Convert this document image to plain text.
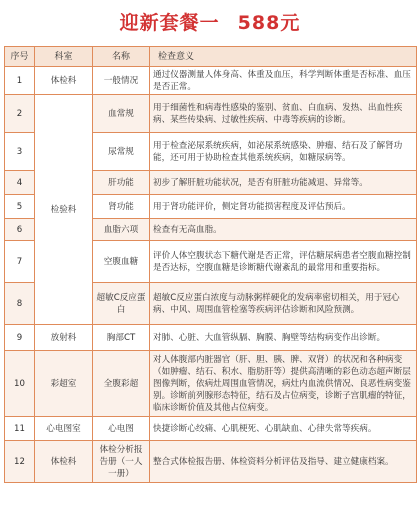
迎新套餐一 588元
序号	科室	名称	检查意义
1	体检科	一般情况	通过仪器测量人体身高、体重及血压，科学判断体重是否标准、血压是否正常。
2	检验科	血常规	用于细菌性和病毒性感染的鉴别、贫血、白血病、发热、出血性疾病、某些传染病、过敏性疾病、中毒等疾病的诊断。
3		尿常规	用于检查泌尿系统疾病，如泌尿系统感染、肿瘤、结石及了解肾功能，还可用于协助检查其他系统疾病，如糖尿病等。
4		肝功能	初步了解肝脏功能状况，是否有肝脏功能减退、异常等。
5		肾功能	用于肾功能评价，侧定肾功能损害程度及评估预后。
6		血脂六项	检查有无高血脂。
7		空腹血糖	评价人体空腹状态下糖代谢是否正常，评估糖尿病患者空腹血糖控制是否达标，空腹血糖是诊断糖代谢紊乱的最常用和重要指标。
8		超敏C反应蛋白	超敏C反应蛋白浓度与动脉粥样硬化的发病率密切相关，用于冠心病、中风、周围血管栓塞等疾病评估诊断和风险预测。
9	放射科	胸部CT	对肺、心脏、大血管纵膈、胸膜、胸壁等结构病变作出诊断。
10	彩超室	全腹彩超	对人体腹部内脏器官（肝、胆、胰、脾、双肾）的状况和各种病变（如肿瘤、结石、积水、脂肪肝等）提供高清晰的彩色动态超声断层图像判断，依病灶周围血管情况，病灶内血流供情况、良恶性病变鉴别。诊断前列腺形态特征，结石及占位病变，诊断子宫肌瘤的特征，临床诊断价值及其他占位病变。
11	心电图室	心电图	快捷诊断心绞痛、心肌梗死、心肌缺血、心律失常等疾病。
12	体检科	体检分析报告册（一人一册）	整合式体检报告册、体检资料分析评估及指导、建立健康档案。
